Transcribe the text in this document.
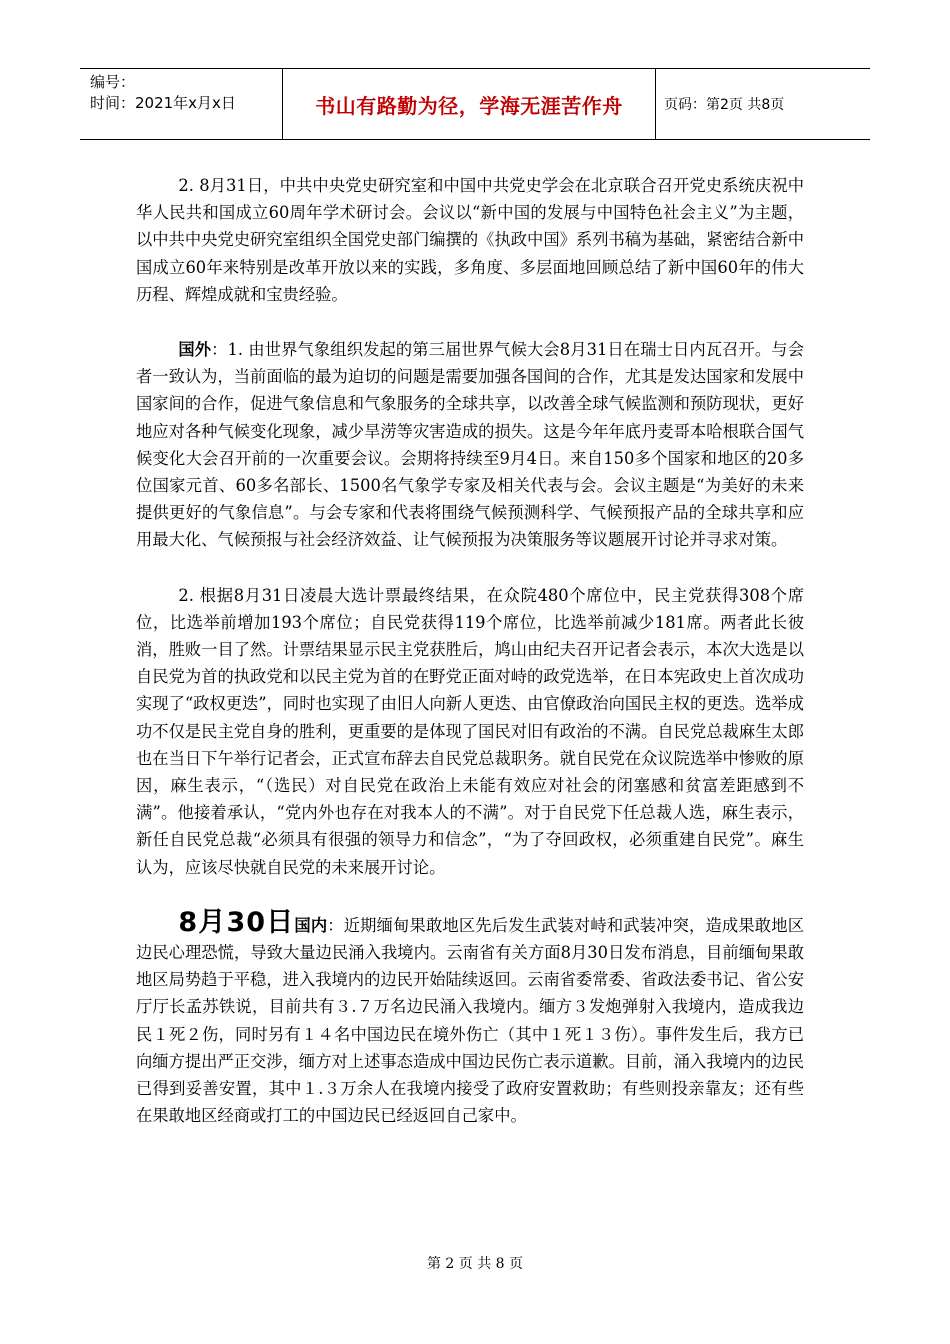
编号：
时间：2021年x月x日	书山有路勤为径，学海无涯苦作舟	页码：第2页 共8页

2. 8月31日，中共中央党史研究室和中国中共党史学会在北京联合召开党史系统庆祝中华人民共和国成立60周年学术研讨会。会议以“新中国的发展与中国特色社会主义”为主题，以中共中央党史研究室组织全国党史部门编撰的《执政中国》系列书稿为基础，紧密结合新中国成立60年来特别是改革开放以来的实践，多角度、多层面地回顾总结了新中国60年的伟大历程、辉煌成就和宝贵经验。

国外：1. 由世界气象组织发起的第三届世界气候大会8月31日在瑞士日内瓦召开。与会者一致认为，当前面临的最为迫切的问题是需要加强各国间的合作，尤其是发达国家和发展中国家间的合作，促进气象信息和气象服务的全球共享，以改善全球气候监测和预防现状，更好地应对各种气候变化现象，减少旱涝等灾害造成的损失。这是今年年底丹麦哥本哈根联合国气候变化大会召开前的一次重要会议。会期将持续至9月4日。来自150多个国家和地区的20多位国家元首、60多名部长、1500名气象学专家及相关代表与会。会议主题是“为美好的未来提供更好的气象信息”。与会专家和代表将围绕气候预测科学、气候预报产品的全球共享和应用最大化、气候预报与社会经济效益、让气候预报为决策服务等议题展开讨论并寻求对策。

2. 根据8月31日凌晨大选计票最终结果，在众院480个席位中，民主党获得308个席位，比选举前增加193个席位；自民党获得119个席位，比选举前减少181席。两者此长彼消，胜败一目了然。计票结果显示民主党获胜后，鸠山由纪夫召开记者会表示，本次大选是以自民党为首的执政党和以民主党为首的在野党正面对峙的政党选举，在日本宪政史上首次成功实现了“政权更迭”，同时也实现了由旧人向新人更迭、由官僚政治向国民主权的更迭。选举成功不仅是民主党自身的胜利，更重要的是体现了国民对旧有政治的不满。自民党总裁麻生太郎也在当日下午举行记者会，正式宣布辞去自民党总裁职务。就自民党在众议院选举中惨败的原因，麻生表示，“（选民）对自民党在政治上未能有效应对社会的闭塞感和贫富差距感到不满”。他接着承认，“党内外也存在对我本人的不满”。对于自民党下任总裁人选，麻生表示，新任自民党总裁“必须具有很强的领导力和信念”，“为了夺回政权，必须重建自民党”。麻生认为，应该尽快就自民党的未来展开讨论。

8月30日国内：近期缅甸果敢地区先后发生武装对峙和武装冲突，造成果敢地区边民心理恐慌，导致大量边民涌入我境内。云南省有关方面8月30日发布消息，目前缅甸果敢地区局势趋于平稳，进入我境内的边民开始陆续返回。云南省委常委、省政法委书记、省公安厅厅长孟苏铁说，目前共有３.７万名边民涌入我境内。缅方３发炮弹射入我境内，造成我边民１死２伤，同时另有１４名中国边民在境外伤亡（其中１死１３伤）。事件发生后，我方已向缅方提出严正交涉，缅方对上述事态造成中国边民伤亡表示道歉。目前，涌入我境内的边民已得到妥善安置，其中１.３万余人在我境内接受了政府安置救助；有些则投亲靠友；还有些在果敢地区经商或打工的中国边民已经返回自己家中。

第 2 页 共 8 页
